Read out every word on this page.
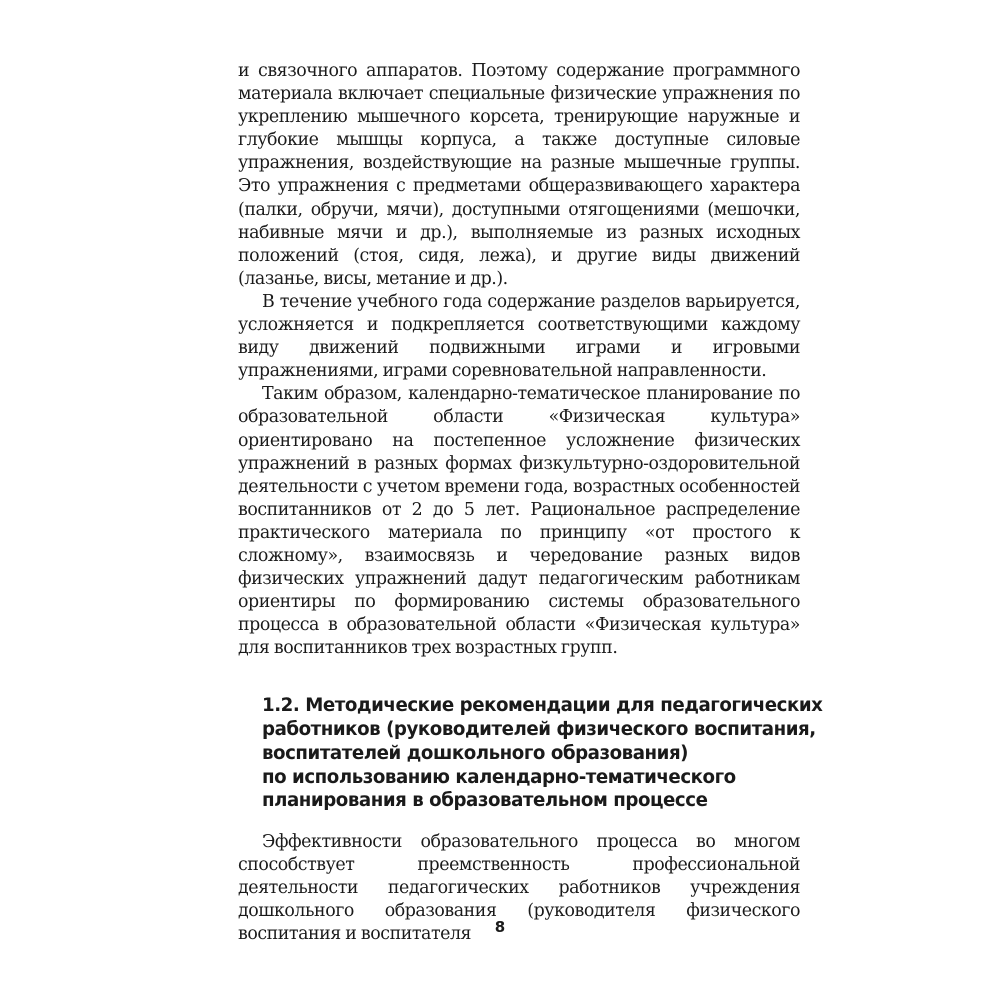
и связочного аппаратов. Поэтому содержание программного материала включает специальные физические упражнения по укреплению мышечного корсета, тренирующие наружные и глубокие мышцы корпуса, а также доступные силовые упражнения, воздействующие на разные мышечные группы. Это упражнения с предметами общеразвивающего характера (палки, обручи, мячи), доступными отягощениями (мешочки, набивные мячи и др.), выполняемые из разных исходных положений (стоя, сидя, лежа), и другие виды движений (лазанье, висы, метание и др.).

В течение учебного года содержание разделов варьируется, усложняется и подкрепляется соответствующими каждому виду движений подвижными играми и игровыми упражнениями, играми соревновательной направленности.

Таким образом, календарно-тематическое планирование по образовательной области «Физическая культура» ориентировано на постепенное усложнение физических упражнений в разных формах физкультурно-оздоровительной деятельности с учетом времени года, возрастных особенностей воспитанников от 2 до 5 лет. Рациональное распределение практического материала по принципу «от простого к сложному», взаимосвязь и чередование разных видов физических упражнений дадут педагогическим работникам ориентиры по формированию системы образовательного процесса в образовательной области «Физическая культура» для воспитанников трех возрастных групп.

1.2. Методические рекомендации для педагогических
работников (руководителей физического воспитания,
воспитателей дошкольного образования)
по использованию календарно-тематического
планирования в образовательном процессе

Эффективности образовательного процесса во многом способствует преемственность профессиональной деятельности педагогических работников учреждения дошкольного образования (руководителя физического воспитания и воспитателя	8
